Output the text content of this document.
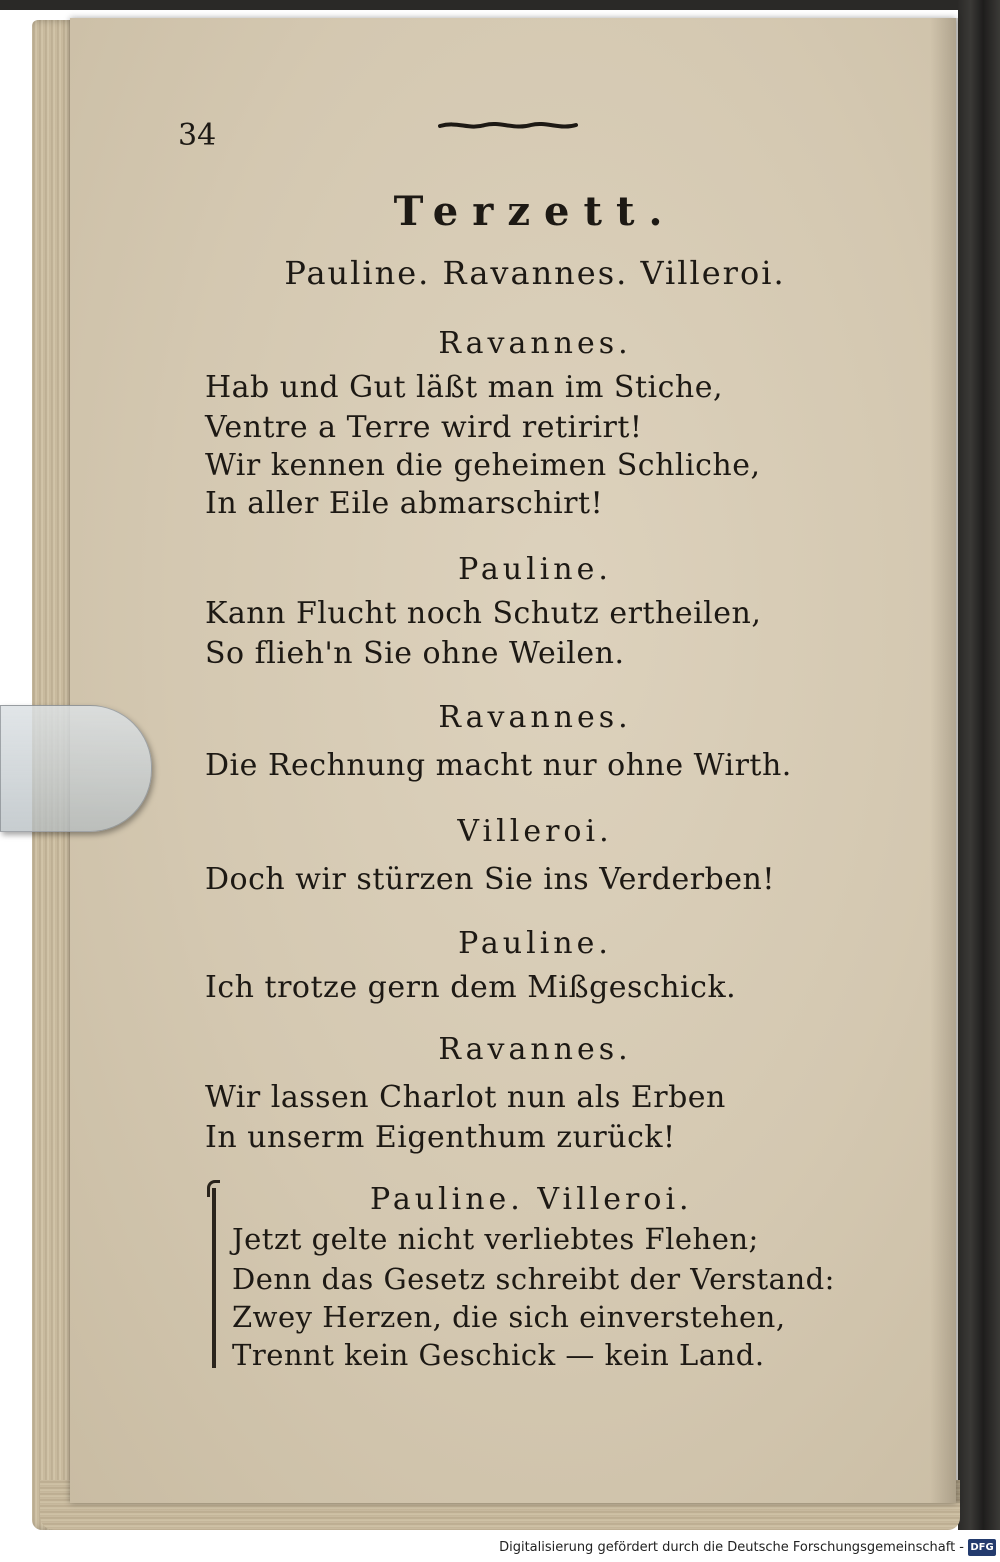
34
Terzett.
Pauline. Ravannes. Villeroi.
Ravannes.
Hab und Gut läßt man im Stiche,
Ventre a Terre wird retirirt!
Wir kennen die geheimen Schliche,
In aller Eile abmarschirt!
Pauline.
Kann Flucht noch Schutz ertheilen,
So flieh'n Sie ohne Weilen.
Ravannes.
Die Rechnung macht nur ohne Wirth.
Villeroi.
Doch wir stürzen Sie ins Verderben!
Pauline.
Ich trotze gern dem Mißgeschick.
Ravannes.
Wir lassen Charlot nun als Erben
In unserm Eigenthum zurück!
Pauline. Villeroi.
Jetzt gelte nicht verliebtes Flehen;
Denn das Gesetz schreibt der Verstand:
Zwey Herzen, die sich einverstehen,
Trennt kein Geschick — kein Land.
Digitalisierung gefördert durch die Deutsche Forschungsgemeinschaft - DFG
